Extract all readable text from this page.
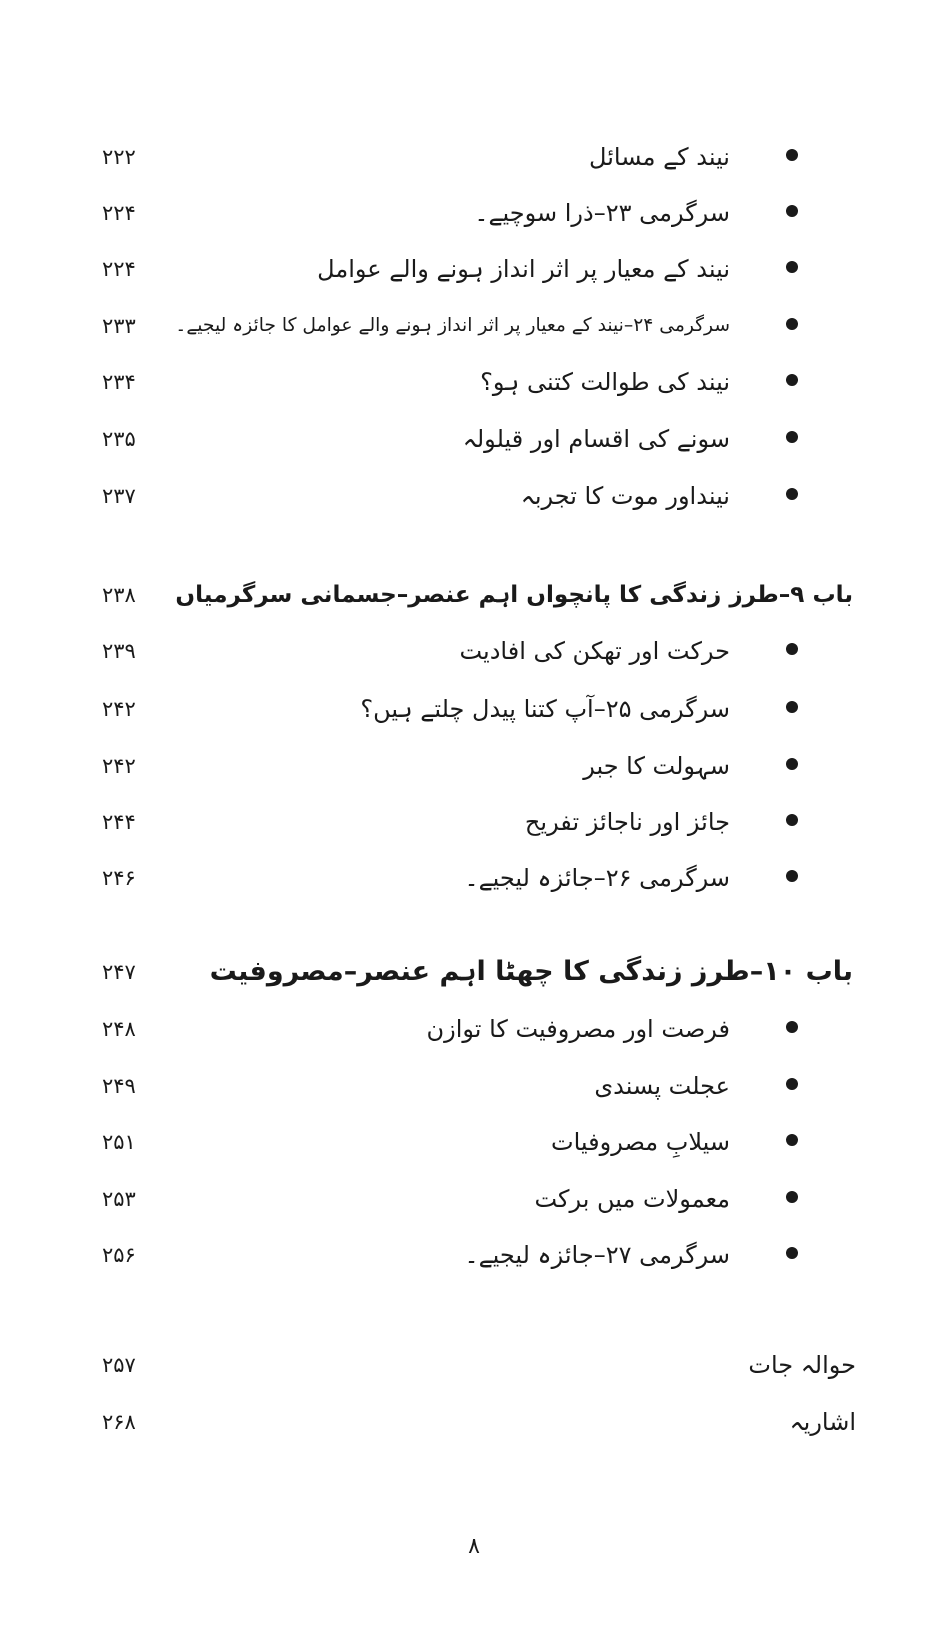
نیند کے مسائل
۲۲۲
سرگرمی ۲۳–ذرا سوچیے۔
۲۲۴
نیند کے معیار پر اثر انداز ہونے والے عوامل
۲۲۴
سرگرمی ۲۴–نیند کے معیار پر اثر انداز ہونے والے عوامل کا جائزہ لیجیے۔
۲۳۳
نیند کی طوالت کتنی ہو؟
۲۳۴
سونے کی اقسام اور قیلولہ
۲۳۵
نینداور موت کا تجربہ
۲۳۷
باب ۹–طرز زندگی کا پانچواں اہم عنصر–جسمانی سرگرمیاں
۲۳۸
حرکت اور تھکن کی افادیت
۲۳۹
سرگرمی ۲۵–آپ کتنا پیدل چلتے ہیں؟
۲۴۲
سہولت کا جبر
۲۴۲
جائز اور ناجائز تفریح
۲۴۴
سرگرمی ۲۶–جائزہ لیجیے۔
۲۴۶
باب ۱۰–طرز زندگی کا چھٹا اہم عنصر–مصروفیت
۲۴۷
فرصت اور مصروفیت کا توازن
۲۴۸
عجلت پسندی
۲۴۹
سیلابِ مصروفیات
۲۵۱
معمولات میں برکت
۲۵۳
سرگرمی ۲۷–جائزہ لیجیے۔
۲۵۶
حوالہ جات
۲۵۷
اشاریہ
۲۶۸
۸
